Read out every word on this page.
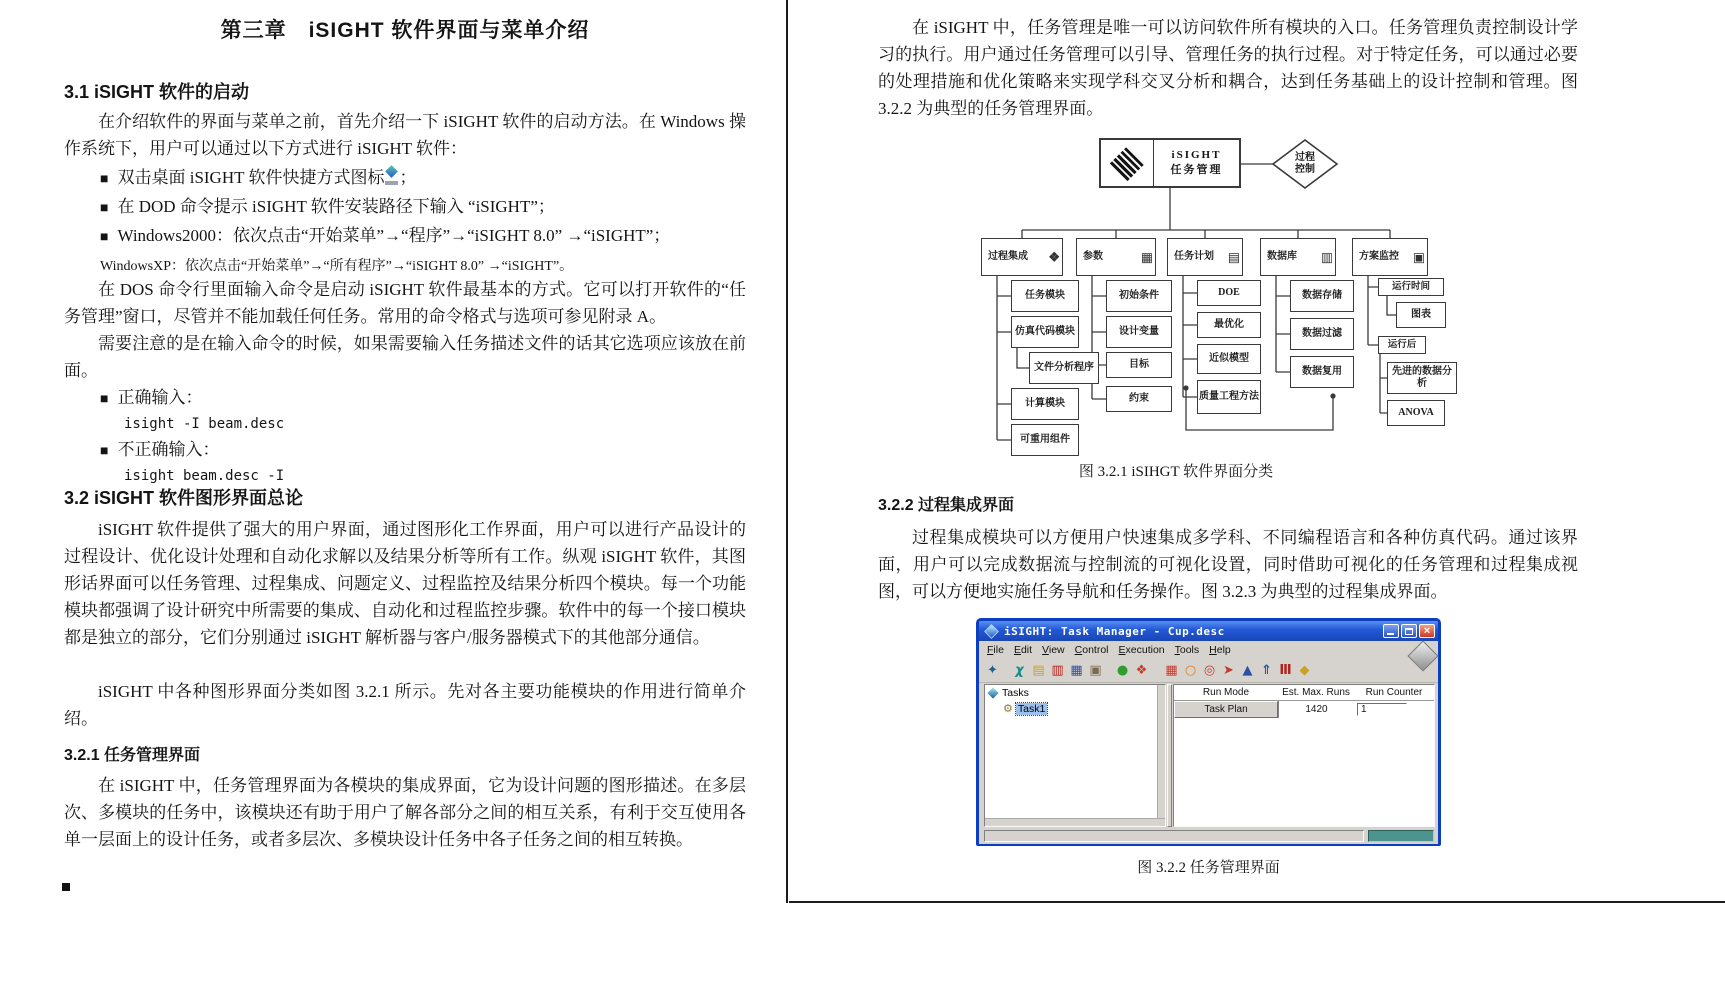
第三章　iSIGHT 软件界面与菜单介绍
3.1 iSIGHT 软件的启动
在介绍软件的界面与菜单之前，首先介绍一下 iSIGHT 软件的启动方法。在 Windows 操作系统下，用户可以通过以下方式进行 iSIGHT 软件：
■ 双击桌面 iSIGHT 软件快捷方式图标 ；
■ 在 DOD 命令提示 iSIGHT 软件安装路径下输入 “iSIGHT”；
■ Windows2000：依次点击“开始菜单”→“程序”→“iSIGHT 8.0” →“iSIGHT”；
WindowsXP：依次点击“开始菜单”→“所有程序”→“iSIGHT 8.0” →“iSIGHT”。
在 DOS 命令行里面输入命令是启动 iSIGHT 软件最基本的方式。它可以打开软件的“任务管理”窗口，尽管并不能加载任何任务。常用的命令格式与选项可参见附录 A。
需要注意的是在输入命令的时候，如果需要输入任务描述文件的话其它选项应该放在前面。
■ 正确输入：
isight -I beam.desc
■ 不正确输入：
isight beam.desc -I
3.2 iSIGHT 软件图形界面总论
iSIGHT 软件提供了强大的用户界面，通过图形化工作界面，用户可以进行产品设计的过程设计、优化设计处理和自动化求解以及结果分析等所有工作。纵观 iSIGHT 软件，其图形话界面可以任务管理、过程集成、问题定义、过程监控及结果分析四个模块。每一个功能模块都强调了设计研究中所需要的集成、自动化和过程监控步骤。软件中的每一个接口模块都是独立的部分，它们分别通过 iSIGHT 解析器与客户/服务器模式下的其他部分通信。
iSIGHT 中各种图形界面分类如图 3.2.1 所示。先对各主要功能模块的作用进行简单介绍。
3.2.1 任务管理界面
在 iSIGHT 中，任务管理界面为各模块的集成界面，它为设计问题的图形描述。在多层次、多模块的任务中，该模块还有助于用户了解各部分之间的相互关系，有利于交互使用各单一层面上的设计任务，或者多层次、多模块设计任务中各子任务之间的相互转换。
在 iSIGHT 中，任务管理是唯一可以访问软件所有模块的入口。任务管理负责控制设计学习的执行。用户通过任务管理可以引导、管理任务的执行过程。对于特定任务，可以通过必要的处理措施和优化策略来实现学科交叉分析和耦合，达到任务基础上的设计控制和管理。图 3.2.2 为典型的任务管理界面。
iSIGHT
任务管理
过程
控制
过程集成 ❖ 参数	▦ 任务计划 ▤	数据库 ▥	方案监控 ▣
任务模块
仿真代码模块
文件分析程序
计算模块
可重用组件
初始条件
设计变量
目标
约束
DOE
最优化
近似模型
质量工程方法
数据存储
数据过滤
数据复用
运行时间
图表
运行后
先进的数据分析
ANOVA
图 3.2.1 iSIHGT 软件界面分类
3.2.2 过程集成界面
过程集成模块可以方便用户快速集成多学科、不同编程语言和各种仿真代码。通过该界面，用户可以完成数据流与控制流的可视化设置，同时借助可视化的任务管理和过程集成视图，可以方便地实施任务导航和任务操作。图 3.2.3 为典型的过程集成界面。
iSIGHT: Task Manager - Cup.desc	×
File Edit View Control Execution Tools Help
✦	χ ▤ ▥ ▦ ▣ ● ❖ ▦ ○ ◎ ➤ ▲ ⇑ Ⅲ ◆
Tasks
⚙ Task1
Run Mode	Est. Max. Runs	Run Counter
Task Plan	1420	1
图 3.2.2 任务管理界面
